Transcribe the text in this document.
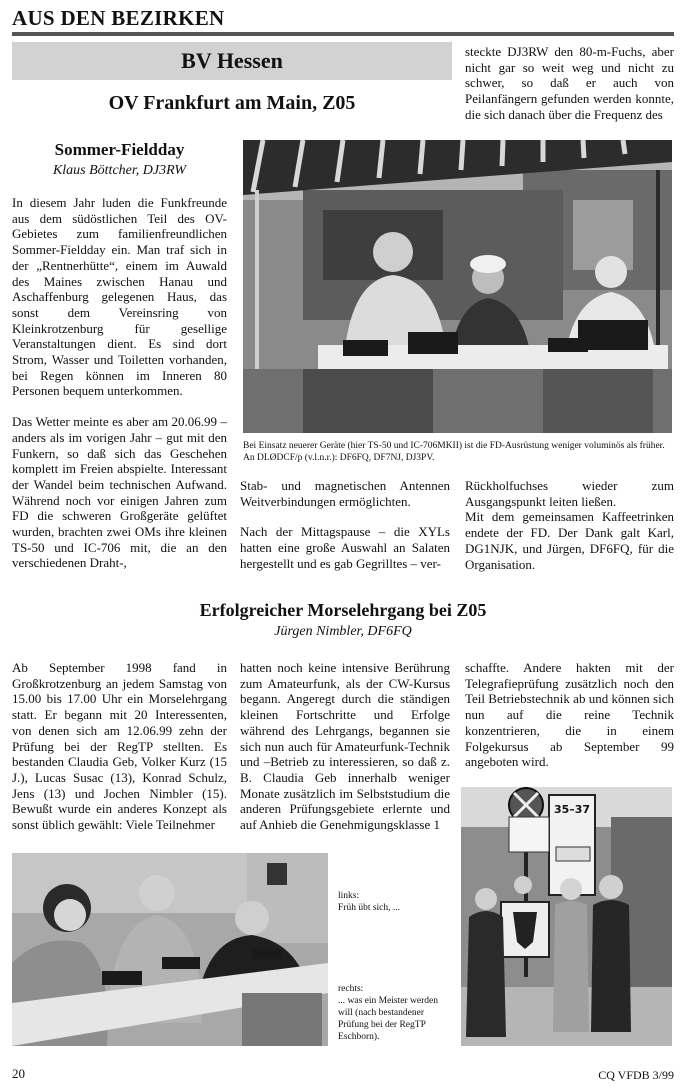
AUS DEN BEZIRKEN
BV Hessen
OV Frankfurt am Main, Z05
steckte DJ3RW den 80-m-Fuchs, aber nicht gar so weit weg und nicht zu schwer, so daß er auch von Peilanfängern gefunden werden konnte, die sich danach über die Frequenz des
Sommer-Fieldday
Klaus Böttcher, DJ3RW

In diesem Jahr luden die Funkfreunde aus dem südöstlichen Teil des OV-Gebietes zum familienfreundlichen Sommer-Fieldday ein. Man traf sich in der „Rentnerhütte“, einem im Auwald des Maines zwischen Hanau und Aschaffenburg gelegenen Haus, das sonst dem Vereinsring von Kleinkrotzenburg für gesellige Veranstaltungen dient. Es sind dort Strom, Wasser und Toiletten vorhanden, bei Regen können im Inneren 80 Personen bequem unterkommen.

Das Wetter meinte es aber am 20.06.99 – anders als im vorigen Jahr – gut mit den Funkern, so daß sich das Geschehen komplett im Freien abspielte. Interessant der Wandel beim technischen Aufwand. Während noch vor einigen Jahren zum FD die schweren Großgeräte gelüftet wurden, brachten zwei OMs ihre kleinen TS-50 und IC-706 mit, die an den verschiedenen Draht-,

Bei Einsatz neuerer Geräte (hier TS-50 und IC-706MKII) ist die FD-Ausrüstung weniger voluminös als früher. An DLØDCF/p (v.l.n.r.): DF6FQ, DF7NJ, DJ3PV.

Stab- und magnetischen Antennen Weitverbindungen ermöglichten.

Nach der Mittagspause – die XYLs hatten eine große Auswahl an Salaten hergestellt und es gab Gegrilltes – ver-

Rückholfuchses wieder zum Ausgangspunkt leiten ließen.
Mit dem gemeinsamen Kaffeetrinken endete der FD. Der Dank galt Karl, DG1NJK, und Jürgen, DF6FQ, für die Organisation.
Erfolgreicher Morselehrgang bei Z05
Jürgen Nimbler, DF6FQ
Ab September 1998 fand in Großkrotzenburg an jedem Samstag von 15.00 bis 17.00 Uhr ein Morselehrgang statt. Er begann mit 20 Interessenten, von denen sich am 12.06.99 zehn der Prüfung bei der RegTP stellten. Es bestanden Claudia Geb, Volker Kurz (15 J.), Lucas Susac (13), Konrad Schulz, Jens (13) und Jochen Nimbler (15). Bewußt wurde ein anderes Konzept als sonst üblich gewählt: Viele Teilnehmer
hatten noch keine intensive Berührung zum Amateurfunk, als der CW-Kursus begann. Angeregt durch die ständigen kleinen Fortschritte und Erfolge während des Lehrgangs, begannen sie sich nun auch für Amateurfunk-Technik und –Betrieb zu interessieren, so daß z. B. Claudia Geb innerhalb weniger Monate zusätzlich im Selbststudium die anderen Prüfungsgebiete erlernte und auf Anhieb die Genehmigungsklasse 1
schaffte. Andere hakten mit der Telegrafieprüfung zusätzlich noch den Teil Betriebstechnik ab und können sich nun auf die reine Technik konzentrieren, die in einem Folgekursus ab September 99 angeboten wird.
links:
Früh übt sich, ...
rechts:
... was ein Meister werden will (nach bestandener Prüfung bei der RegTP Eschborn).
35–37
20	CQ VFDB 3/99
